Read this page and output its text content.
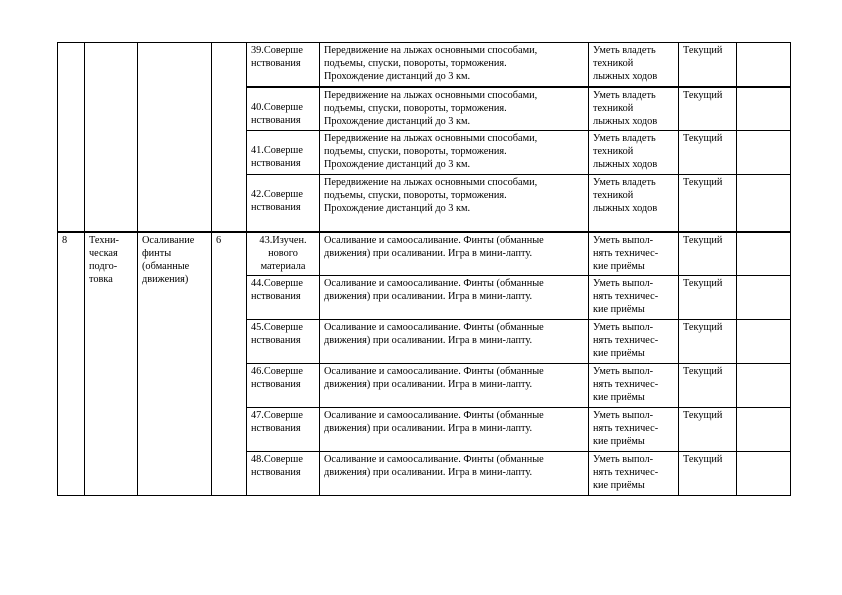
				39.Соверше
нствования	Передвижение на лыжах основными способами,
подъемы, спуски, повороты, торможения.
Прохождение дистанций до 3 км.	Уметь владеть
техникой
лыжных ходов	Текущий	

				40.Соверше
нствования	Передвижение на лыжах основными способами,
подъемы, спуски, повороты, торможения.
Прохождение дистанций до 3 км.	Уметь владеть
техникой
лыжных ходов	Текущий	

				41.Соверше
нствования	Передвижение на лыжах основными способами,
подъемы, спуски, повороты, торможения.
Прохождение дистанций до 3 км.	Уметь владеть
техникой
лыжных ходов	Текущий	

				42.Соверше
нствования	Передвижение на лыжах основными способами,
подъемы, спуски, повороты, торможения.
Прохождение дистанций до 3 км.	Уметь владеть
техникой
лыжных ходов	Текущий	
8	Техни-
ческая
подго-
товка	Осаливание
финты
(обманные
движения)	6	43.Изучен.
нового
материала	Осаливание и самоосаливание. Финты (обманные
движения) при осаливании. Игра в мини-лапту.	Уметь выпол-
нять техничес-
кие приёмы	Текущий	

				44.Соверше
нствования	Осаливание и самоосаливание. Финты (обманные
движения) при осаливании. Игра в мини-лапту.	Уметь выпол-
нять техничес-
кие приёмы	Текущий	

				45.Соверше
нствования	Осаливание и самоосаливание. Финты (обманные
движения) при осаливании. Игра в мини-лапту.	Уметь выпол-
нять техничес-
кие приёмы	Текущий	

				46.Соверше
нствования	Осаливание и самоосаливание. Финты (обманные
движения) при осаливании. Игра в мини-лапту.	Уметь выпол-
нять техничес-
кие приёмы	Текущий	

				47.Соверше
нствования	Осаливание и самоосаливание. Финты (обманные
движения) при осаливании. Игра в мини-лапту.	Уметь выпол-
нять техничес-
кие приёмы	Текущий	

				48.Соверше
нствования	Осаливание и самоосаливание. Финты (обманные
движения) при осаливании. Игра в мини-лапту.	Уметь выпол-
нять техничес-
кие приёмы	Текущий	
